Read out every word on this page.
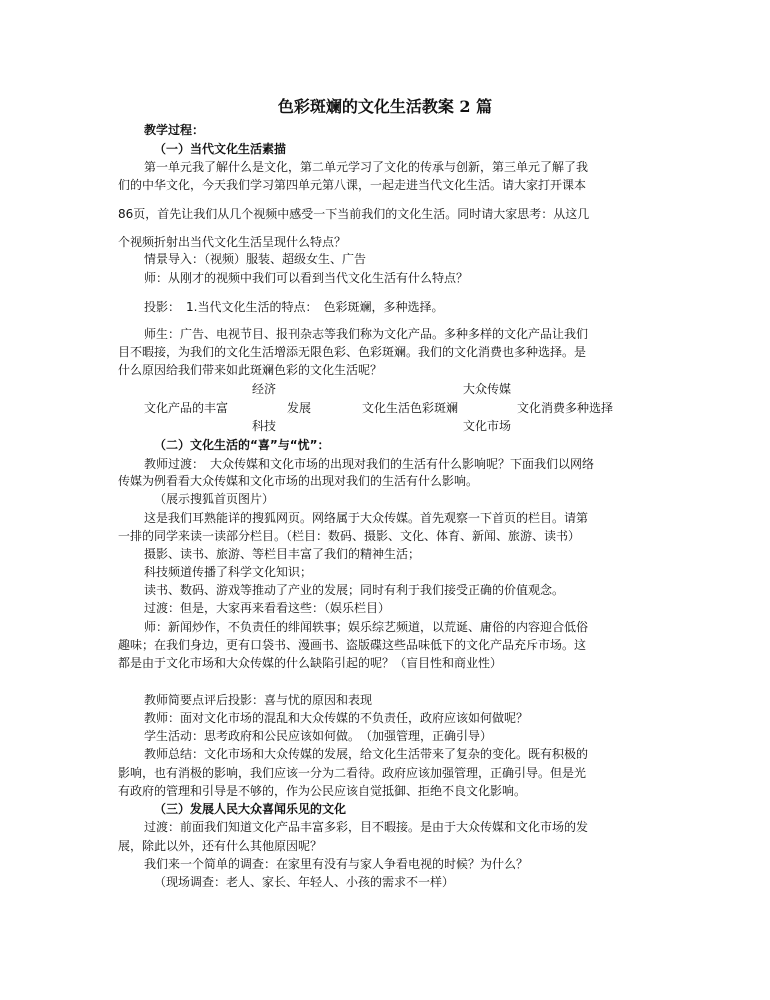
色彩斑斓的文化生活教案 2 篇
教学过程：
（一）当代文化生活素描
第一单元我了解什么是文化，第二单元学习了文化的传承与创新，第三单元了解了我
们的中华文化，今天我们学习第四单元第八课，一起走进当代文化生活。请大家打开课本
86页，首先让我们从几个视频中感受一下当前我们的文化生活。同时请大家思考：从这几
个视频折射出当代文化生活呈现什么特点？
情景导入：（视频）服装、超级女生、广告
师：从刚才的视频中我们可以看到当代文化生活有什么特点？
投影：　1.当代文化生活的特点：　色彩斑斓，多种选择。
师生：广告、电视节目、报刊杂志等我们称为文化产品。多种多样的文化产品让我们
目不暇接，为我们的文化生活增添无限色彩、色彩斑斓。我们的文化消费也多种选择。是
什么原因给我们带来如此斑斓色彩的文化生活呢？
经济	大众传媒
文化产品的丰富	发展	文化生活色彩斑斓	文化消费多种选择
科技	文化市场
（二）文化生活的“喜”与“忧”：
教师过渡：　大众传媒和文化市场的出现对我们的生活有什么影响呢？下面我们以网络
传媒为例看看大众传媒和文化市场的出现对我们的生活有什么影响。
（展示搜狐首页图片）
这是我们耳熟能详的搜狐网页。网络属于大众传媒。首先观察一下首页的栏目。请第
一排的同学来读一读部分栏目。（栏目：数码、摄影、文化、体育、新闻、旅游、读书）
摄影、读书、旅游、等栏目丰富了我们的精神生活；
科技频道传播了科学文化知识；
读书、数码、游戏等推动了产业的发展；同时有利于我们接受正确的价值观念。
过渡：但是，大家再来看看这些：（娱乐栏目）
师：新闻炒作，不负责任的绯闻轶事；娱乐综艺频道，以荒诞、庸俗的内容迎合低俗
趣味；在我们身边，更有口袋书、漫画书、盗版碟这些品味低下的文化产品充斥市场。这
都是由于文化市场和大众传媒的什么缺陷引起的呢？（盲目性和商业性）
教师简要点评后投影：喜与忧的原因和表现
教师：面对文化市场的混乱和大众传媒的不负责任，政府应该如何做呢？
学生活动：思考政府和公民应该如何做。　（加强管理，正确引导）
教师总结：文化市场和大众传媒的发展，给文化生活带来了复杂的变化。既有积极的
影响，也有消极的影响，我们应该一分为二看待。政府应该加强管理，正确引导。但是光
有政府的管理和引导是不够的，作为公民应该自觉抵御、拒绝不良文化影响。
（三）发展人民大众喜闻乐见的文化
过渡：前面我们知道文化产品丰富多彩，目不暇接。是由于大众传媒和文化市场的发
展，除此以外，还有什么其他原因呢？
我们来一个简单的调查：在家里有没有与家人争看电视的时候？为什么？
（现场调查：老人、家长、年轻人、小孩的需求不一样）
